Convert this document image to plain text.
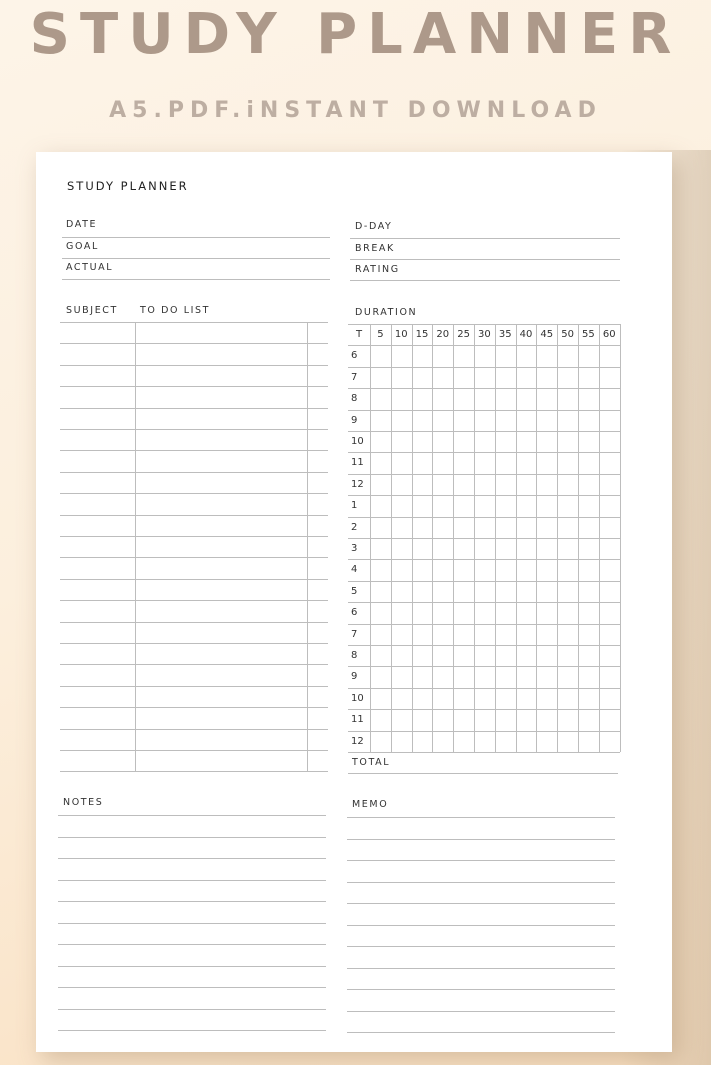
STUDY PLANNER
A5.PDF.iNSTANT DOWNLOAD
STUDY PLANNER
DATE	D-DAY
GOAL	BREAK
ACTUAL	RATING
SUBJECT TO DO LIST	DURATION
T	5	10 15 20 25 30 35 40 45 50 55 60
6
7
8
9
10
11
12
1
2
3
4
5
6
7
8
9
10
11
12
TOTAL
NOTES	MEMO
